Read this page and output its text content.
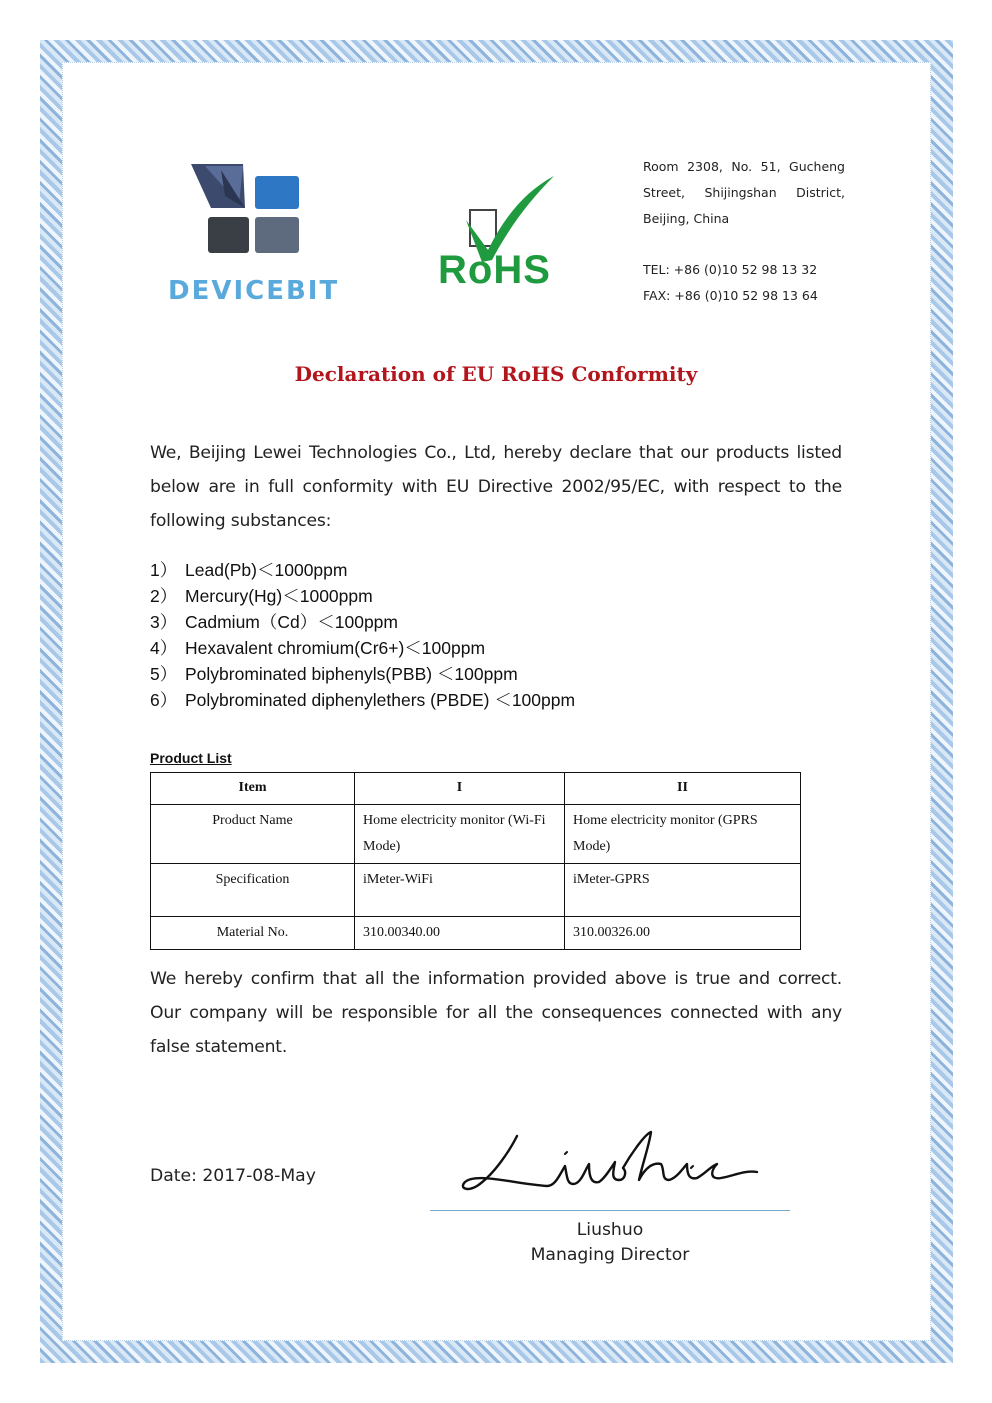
DEVICEBIT RoHS
Room 2308, No. 51, Gucheng Street, Shijingshan District, Beijing, China
TEL: +86 (0)10 52 98 13 32
FAX: +86 (0)10 52 98 13 64
Declaration of EU RoHS Conformity
We, Beijing Lewei Technologies Co., Ltd, hereby declare that our products listed below are in full conformity with EU Directive 2002/95/EC, with respect to the following substances:
1） Lead(Pb)＜1000ppm
2） Mercury(Hg)＜1000ppm
3） Cadmium（Cd）＜100ppm
4） Hexavalent chromium(Cr6+)＜100ppm
5） Polybrominated biphenyls(PBB) ＜100ppm
6） Polybrominated diphenylethers (PBDE) ＜100ppm
Product List
Item	I	II
Product Name	Home electricity monitor (Wi-Fi Mode)	Home electricity monitor (GPRS Mode)
Specification	iMeter-WiFi	iMeter-GPRS
Material No.	310.00340.00	310.00326.00
We hereby confirm that all the information provided above is true and correct. Our company will be responsible for all the consequences connected with any false statement.
Date: 2017-08-May
Liushuo
Managing Director
